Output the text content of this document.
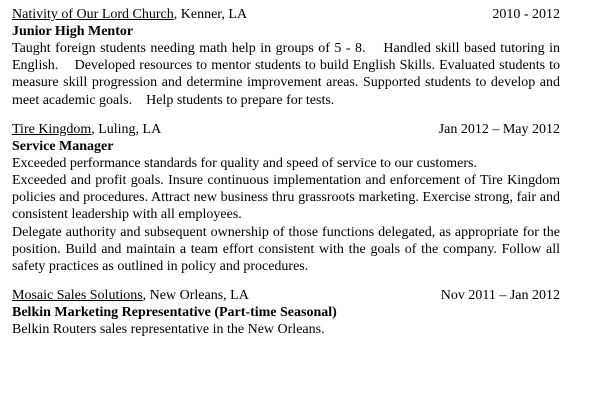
Nativity of Our Lord Church, Kenner, LA	2010 - 2012
Junior High Mentor

Taught foreign students needing math help in groups of 5 - 8.    Handled skill based tutoring in English.    Developed resources to mentor students to build English Skills. Evaluated students to measure skill progression and determine improvement areas. Supported students to develop and meet academic goals.    Help students to prepare for tests.

Tire Kingdom, Luling, LA	Jan 2012 – May 2012
Service Manager

Exceeded performance standards for quality and speed of service to our customers.

Exceeded and profit goals. Insure continuous implementation and enforcement of Tire Kingdom policies and procedures. Attract new business thru grassroots marketing. Exercise strong, fair and consistent leadership with all employees.

Delegate authority and subsequent ownership of those functions delegated, as appropriate for the position. Build and maintain a team effort consistent with the goals of the company. Follow all safety practices as outlined in policy and procedures.

Mosaic Sales Solutions, New Orleans, LA	Nov 2011 – Jan 2012
Belkin Marketing Representative (Part-time Seasonal)

Belkin Routers sales representative in the New Orleans.
